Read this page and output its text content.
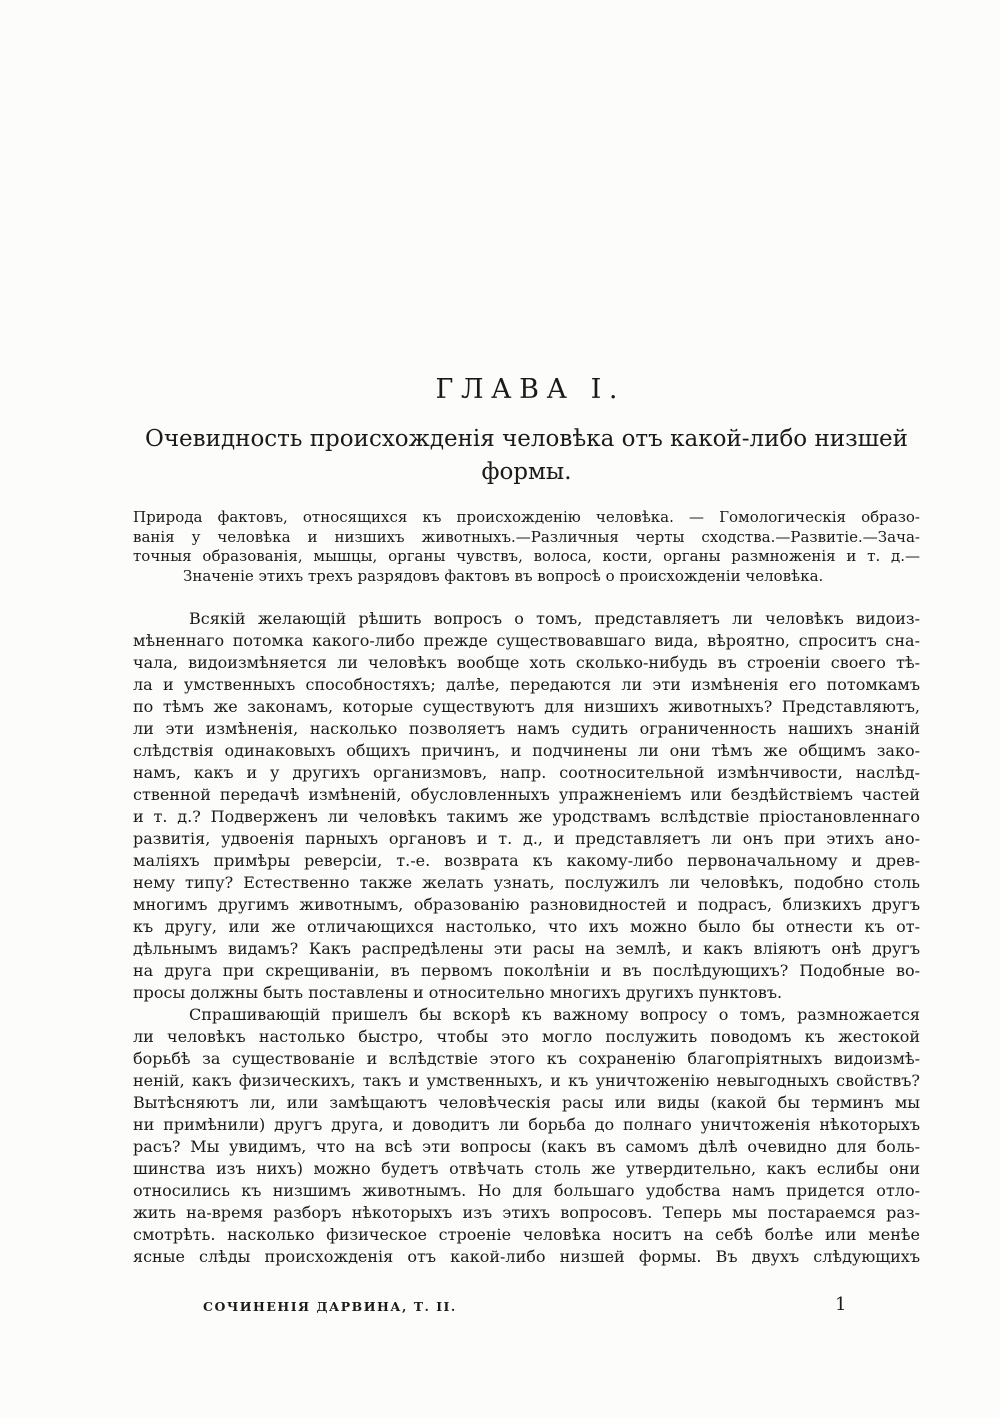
ГЛАВА I.
Очевидность происхожденія человѣка отъ какой-либо низшей
формы.
Природа фактовъ, относящихся къ происхожденію человѣка. — Гомологическія образо-
ванія у человѣка и низшихъ животныхъ.—Различныя черты сходства.—Развитіе.—Зача-
точныя образованія, мышцы, органы чувствъ, волоса, кости, органы размноженія и т. д.—
Значеніе этихъ трехъ разрядовъ фактовъ въ вопросѣ о происхожденіи человѣка.
Всякій желающій рѣшить вопросъ о томъ, представляетъ ли человѣкъ видоиз-
мѣненнаго потомка какого-либо прежде существовавшаго вида, вѣроятно, спроситъ сна-
чала, видоизмѣняется ли человѣкъ вообще хоть сколько-нибудь въ строеніи своего тѣ-
ла и умственныхъ способностяхъ; далѣе, передаются ли эти измѣненія его потомкамъ
по тѣмъ же законамъ, которые существуютъ для низшихъ животныхъ? Представляютъ,
ли эти измѣненія, насколько позволяетъ намъ судить ограниченность нашихъ знаній
слѣдствія одинаковыхъ общихъ причинъ, и подчинены ли они тѣмъ же общимъ зако-
намъ, какъ и у другихъ организмовъ, напр. соотносительной измѣнчивости, наслѣд-
ственной передачѣ измѣненій, обусловленныхъ упражненіемъ или бездѣйствіемъ частей
и т. д.? Подверженъ ли человѣкъ такимъ же уродствамъ вслѣдствіе пріостановленнаго
развитія, удвоенія парныхъ органовъ и т. д., и представляетъ ли онъ при этихъ ано-
маліяхъ примѣры реверсіи, т.-е. возврата къ какому-либо первоначальному и древ-
нему типу? Естественно также желать узнать, послужилъ ли человѣкъ, подобно столь
многимъ другимъ животнымъ, образованію разновидностей и подрасъ, близкихъ другъ
къ другу, или же отличающихся настолько, что ихъ можно было бы отнести къ от-
дѣльнымъ видамъ? Какъ распредѣлены эти расы на землѣ, и какъ вліяютъ онѣ другъ
на друга при скрещиваніи, въ первомъ поколѣніи и въ послѣдующихъ? Подобные во-
просы должны быть поставлены и относительно многихъ другихъ пунктовъ.
Спрашивающій пришелъ бы вскорѣ къ важному вопросу о томъ, размножается
ли человѣкъ настолько быстро, чтобы это могло послужить поводомъ къ жестокой
борьбѣ за существованіе и вслѣдствіе этого къ сохраненію благопріятныхъ видоизмѣ-
неній, какъ физическихъ, такъ и умственныхъ, и къ уничтоженію невыгодныхъ свойствъ?
Вытѣсняютъ ли, или замѣщаютъ человѣческія расы или виды (какой бы терминъ мы
ни примѣнили) другъ друга, и доводитъ ли борьба до полнаго уничтоженія нѣкоторыхъ
расъ? Мы увидимъ, что на всѣ эти вопросы (какъ въ самомъ дѣлѣ очевидно для боль-
шинства изъ нихъ) можно будетъ отвѣчать столь же утвердительно, какъ еслибы они
относились къ низшимъ животнымъ. Но для большаго удобства намъ придется отло-
жить на-время разборъ нѣкоторыхъ изъ этихъ вопросовъ. Теперь мы постараемся раз-
смотрѣть. насколько физическое строеніе человѣка носитъ на себѣ болѣе или менѣе
ясные слѣды происхожденія отъ какой-либо низшей формы. Въ двухъ слѣдующихъ
СОЧИНЕНІЯ ДАРВИНА, Т. II.	1
